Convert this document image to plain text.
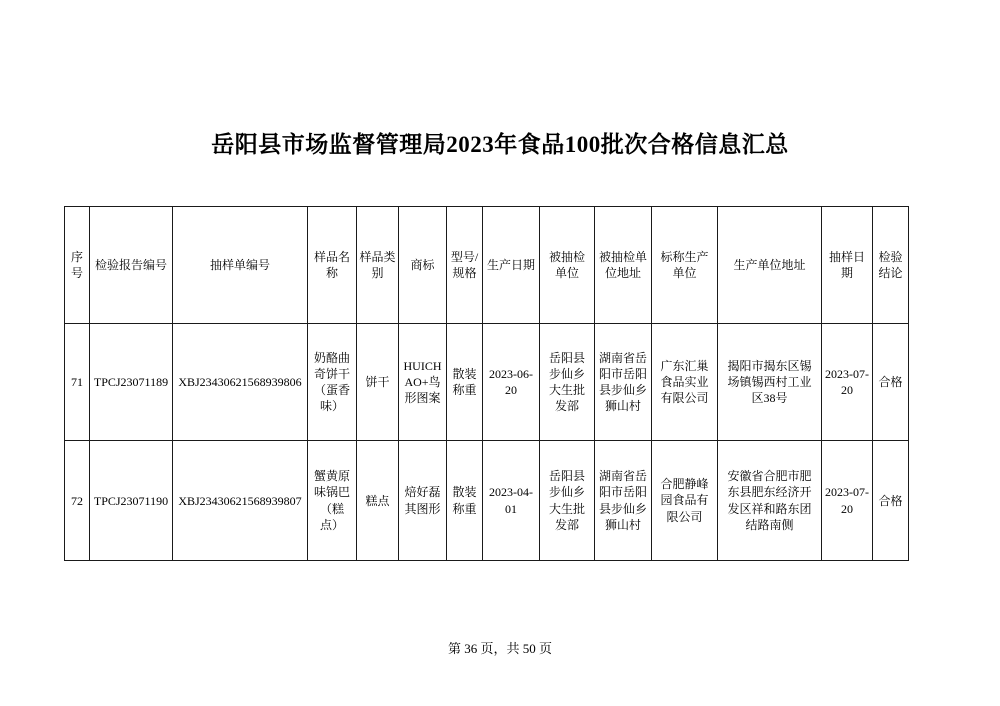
岳阳县市场监督管理局2023年食品100批次合格信息汇总
序号	检验报告编号	抽样单编号	样品名称	样品类别	商标	型号/规格	生产日期	被抽检单位	被抽检单位地址	标称生产单位	生产单位地址	抽样日期	检验结论
71	TPCJ23071189	XBJ23430621568939806	奶酪曲奇饼干（蛋香味）	饼干	HUICHAO+鸟形图案	散装称重	2023-06-20	岳阳县步仙乡大生批发部	湖南省岳阳市岳阳县步仙乡狮山村	广东汇巢食品实业有限公司	揭阳市揭东区锡场镇锡西村工业区38号	2023-07-20	合格
72	TPCJ23071190	XBJ23430621568939807	蟹黄原味锅巴（糕点）	糕点	焙好磊其图形	散装称重	2023-04-01	岳阳县步仙乡大生批发部	湖南省岳阳市岳阳县步仙乡狮山村	合肥静峰园食品有限公司	安徽省合肥市肥东县肥东经济开发区祥和路东团结路南侧	2023-07-20	合格
第 36 页，共 50 页
